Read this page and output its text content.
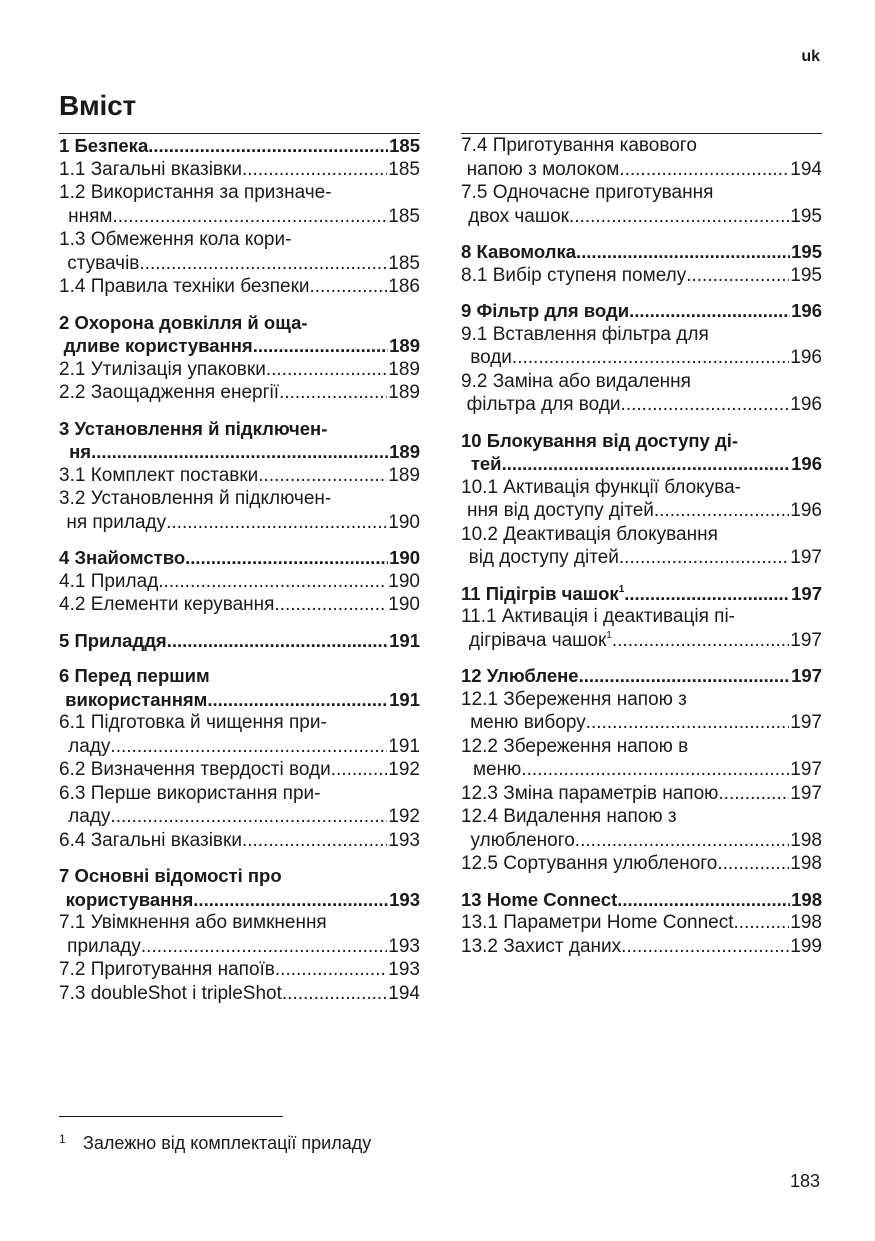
uk
Вміст
1 Безпека .....	185
1.1 Загальні вказівки .....	185
1.2 Використання за призначе-
нням .....	185
1.3 Обмеження кола кори-
стувачів .....	185
1.4 Правила техніки безпеки .....	186
2 Охорона довкілля й оща-
дливе користування .....	189
2.1 Утилізація упаковки .....	189
2.2 Заощадження енергії .....	189
3 Установлення й підключен-
ня .....	189
3.1 Комплект поставки .....	189
3.2 Установлення й підключен-
ня приладу .....	190
4 Знайомство .....	190
4.1 Прилад .....	190
4.2 Елементи керування .....	190
5 Приладдя .....	191
6 Перед першим
використанням .....	191
6.1 Підготовка й чищення при-
ладу .....	191
6.2 Визначення твердості води .....	192
6.3 Перше використання при-
ладу .....	192
6.4 Загальні вказівки .....	193
7 Основні відомості про
користування .....	193
7.1 Увімкнення або вимкнення
приладу .....	193
7.2 Приготування напоїв .....	193
7.3 doubleShot і tripleShot .....	194
7.4 Приготування кавового
напою з молоком .....	194
7.5 Одночасне приготування
двох чашок .....	195
8 Кавомолка .....	195
8.1 Вибір ступеня помелу .....	195
9 Фільтр для води .....	196
9.1 Вставлення фільтра для
води .....	196
9.2 Заміна або видалення
фільтра для води .....	196
10 Блокування від доступу ді-
тей .....	196
10.1 Активація функції блокува-
ння від доступу дітей .....	196
10.2 Деактивація блокування
від доступу дітей .....	197
11 Підігрів чашок$^1$ .....	197
11.1 Активація і деактивація пі-
дігрівача чашок$^1$ .....	197
12 Улюблене .....	197
12.1 Збереження напою з
меню вибору .....	197
12.2 Збереження напою в
меню .....	197
12.3 Зміна параметрів напою .....	197
12.4 Видалення напою з
улюбленого .....	198
12.5 Сортування улюбленого .....	198
13 Home Connect .....	198
13.1 Параметри Home Connect .....	198
13.2 Захист даних .....	199
1 Залежно від комплектації приладу
183
